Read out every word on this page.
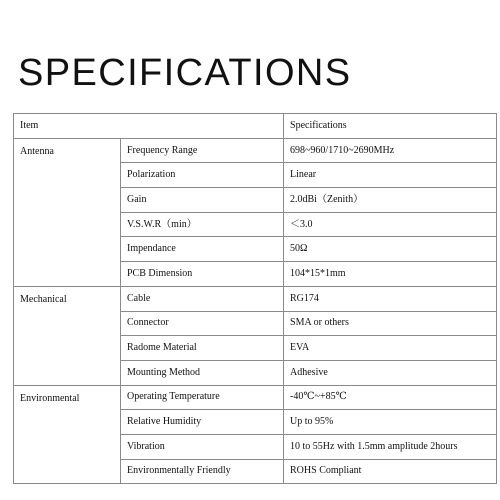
SPECIFICATIONS
Item		Specifications
Antenna	Frequency Range	698~960/1710~2690MHz
	Polarization	Linear
	Gain	2.0dBi（Zenith）
	V.S.W.R（min）	＜3.0
	Impendance	50Ω
	PCB Dimension	104*15*1mm
Mechanical	Cable	RG174
	Connector	SMA or others
	Radome Material	EVA
	Mounting Method	Adhesive
Environmental	Operating Temperature	-40℃~+85℃
	Relative Humidity	Up to 95%
	Vibration	10 to 55Hz with 1.5mm amplitude 2hours
	Environmentally Friendly	ROHS Compliant
